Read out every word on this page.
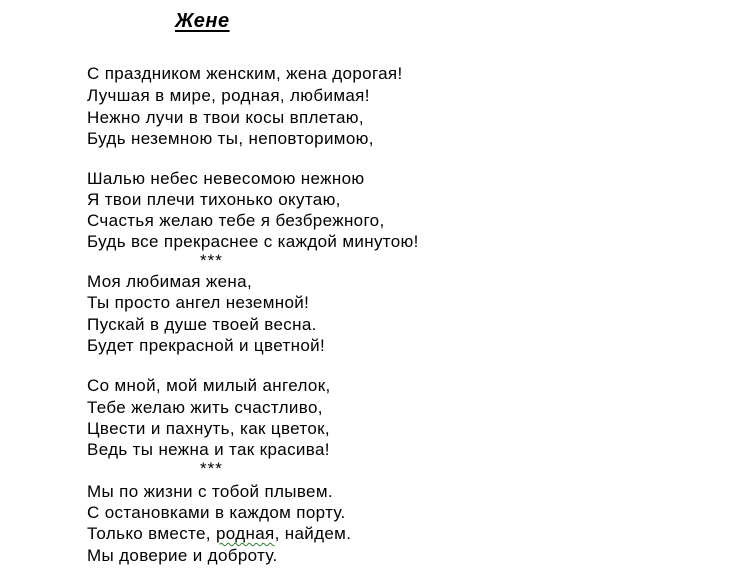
Жене
С праздником женским, жена дорогая!
Лучшая в мире, родная, любимая!
Нежно лучи в твои косы вплетаю,
Будь неземною ты, неповторимою,
Шалью небес невесомою нежною
Я твои плечи тихонько окутаю,
Счастья желаю тебе я безбрежного,
Будь все прекраснее с каждой минутою!
***
Моя любимая жена,
Ты просто ангел неземной!
Пускай в душе твоей весна.
Будет прекрасной и цветной!
Со мной, мой милый ангелок,
Тебе желаю жить счастливо,
Цвести и пахнуть, как цветок,
Ведь ты нежна и так красива!
***
Мы по жизни с тобой плывем.
С остановками в каждом порту.
Только вместе, родная, найдем.
Мы доверие и доброту.
